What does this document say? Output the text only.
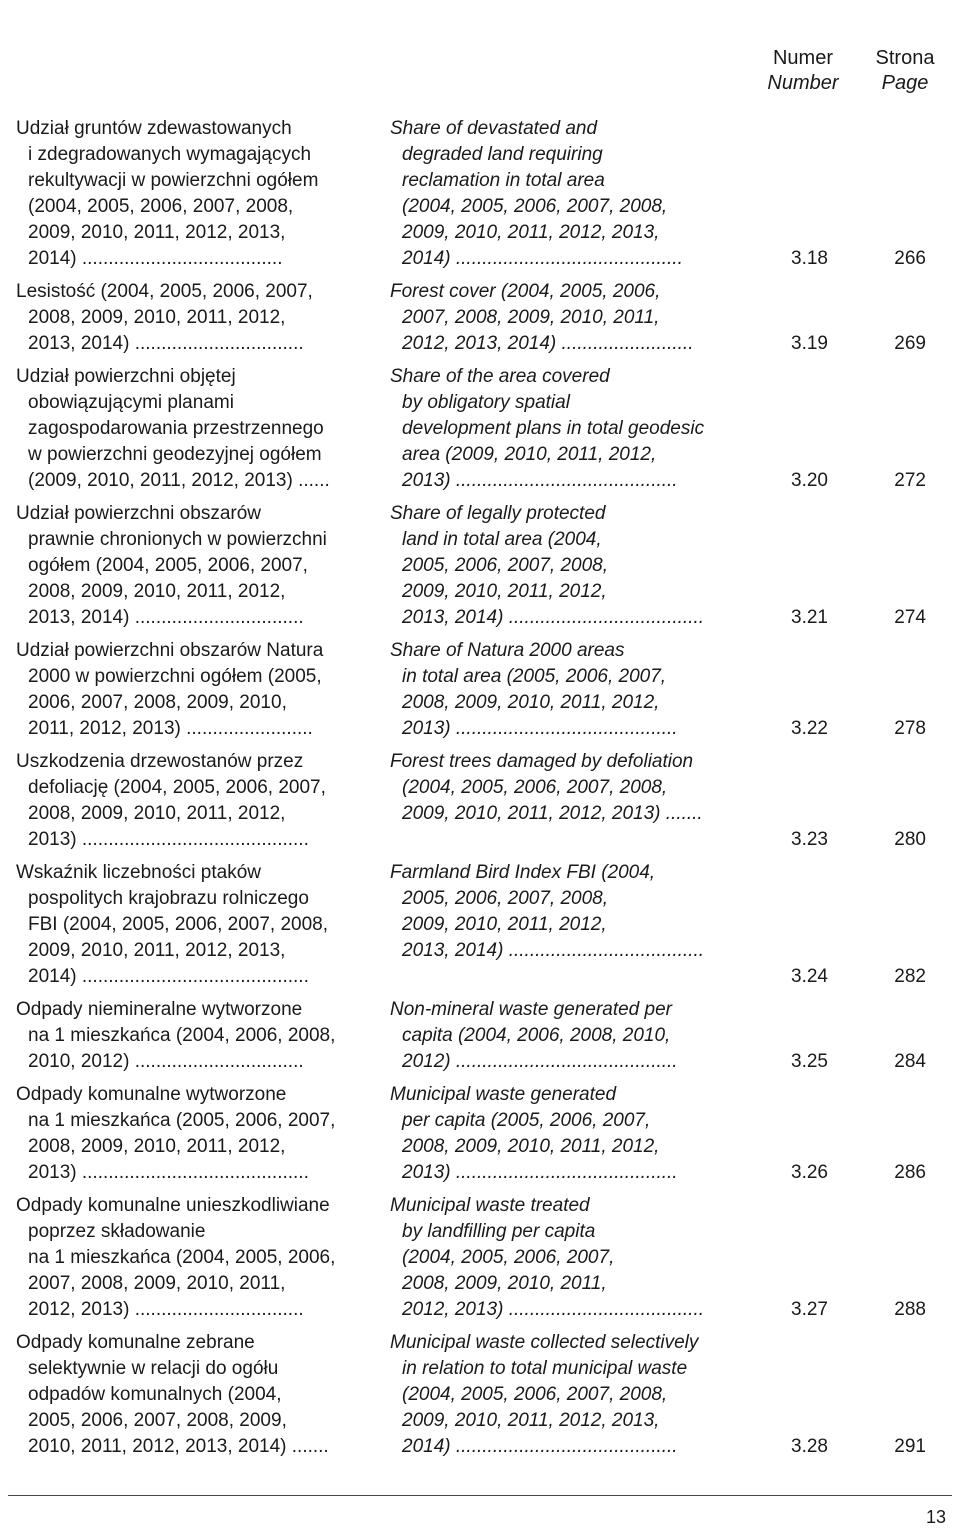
Numer
Number
Strona
Page
Udział gruntów zdewastowanych
i zdegradowanych wymagających
rekultywacji w powierzchni ogółem
(2004, 2005, 2006, 2007, 2008,
2009, 2010, 2011, 2012, 2013,
2014) ......................................
Share of devastated and
degraded land requiring
reclamation in total area
(2004, 2005, 2006, 2007, 2008,
2009, 2010, 2011, 2012, 2013,
2014) ...........................................	3.18	266
Lesistość (2004, 2005, 2006, 2007,
2008, 2009, 2010, 2011, 2012,
2013, 2014) ................................
Forest cover (2004, 2005, 2006,
2007, 2008, 2009, 2010, 2011,
2012, 2013, 2014) .........................	3.19	269
Udział powierzchni objętej
obowiązującymi planami
zagospodarowania przestrzennego
w powierzchni geodezyjnej ogółem
(2009, 2010, 2011, 2012, 2013) ......
Share of the area covered
by obligatory spatial
development plans in total geodesic
area (2009, 2010, 2011, 2012,
2013) ..........................................	3.20	272
Udział powierzchni obszarów
prawnie chronionych w powierzchni
ogółem (2004, 2005, 2006, 2007,
2008, 2009, 2010, 2011, 2012,
2013, 2014) ................................
Share of legally protected
land in total area (2004,
2005, 2006, 2007, 2008,
2009, 2010, 2011, 2012,
2013, 2014) .....................................	3.21	274
Udział powierzchni obszarów Natura
2000 w powierzchni ogółem (2005,
2006, 2007, 2008, 2009, 2010,
2011, 2012, 2013) ........................
Share of Natura 2000 areas
in total area (2005, 2006, 2007,
2008, 2009, 2010, 2011, 2012,
2013) ..........................................	3.22	278
Uszkodzenia drzewostanów przez
defoliację (2004, 2005, 2006, 2007,
2008, 2009, 2010, 2011, 2012,
2013) ...........................................
Forest trees damaged by defoliation
(2004, 2005, 2006, 2007, 2008,
2009, 2010, 2011, 2012, 2013) .......
3.23	280
Wskaźnik liczebności ptaków
pospolitych krajobrazu rolniczego
FBI (2004, 2005, 2006, 2007, 2008,
2009, 2010, 2011, 2012, 2013,
2014) ...........................................
Farmland Bird Index FBI (2004,
2005, 2006, 2007, 2008,
2009, 2010, 2011, 2012,
2013, 2014) .....................................
3.24	282
Odpady niemineralne wytworzone
na 1 mieszkańca (2004, 2006, 2008,
2010, 2012) ................................
Non-mineral waste generated per
capita (2004, 2006, 2008, 2010,
2012) ..........................................	3.25	284
Odpady komunalne wytworzone
na 1 mieszkańca (2005, 2006, 2007,
2008, 2009, 2010, 2011, 2012,
2013) ...........................................
Municipal waste generated
per capita (2005, 2006, 2007,
2008, 2009, 2010, 2011, 2012,
2013) ..........................................	3.26	286
Odpady komunalne unieszkodliwiane
poprzez składowanie
na 1 mieszkańca (2004, 2005, 2006,
2007, 2008, 2009, 2010, 2011,
2012, 2013) ................................
Municipal waste treated
by landfilling per capita
(2004, 2005, 2006, 2007,
2008, 2009, 2010, 2011,
2012, 2013) .....................................	3.27	288
Odpady komunalne zebrane
selektywnie w relacji do ogółu
odpadów komunalnych (2004,
2005, 2006, 2007, 2008, 2009,
2010, 2011, 2012, 2013, 2014) .......
Municipal waste collected selectively
in relation to total municipal waste
(2004, 2005, 2006, 2007, 2008,
2009, 2010, 2011, 2012, 2013,
2014) ..........................................	3.28	291
13
